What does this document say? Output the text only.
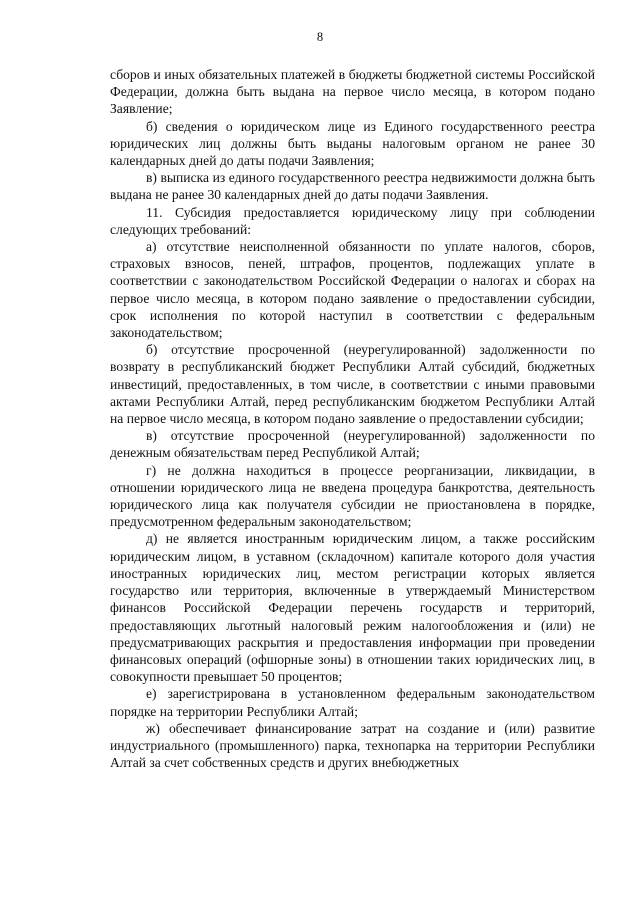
8

сборов и иных обязательных платежей в бюджеты бюджетной системы Российской Федерации, должна быть выдана на первое число месяца, в котором подано Заявление;

б) сведения о юридическом лице из Единого государственного реестра юридических лиц должны быть выданы налоговым органом не ранее 30 календарных дней до даты подачи Заявления;

в) выписка из единого государственного реестра недвижимости должна быть выдана не ранее 30 календарных дней до даты подачи Заявления.

11. Субсидия предоставляется юридическому лицу при соблюдении следующих требований:

а) отсутствие неисполненной обязанности по уплате налогов, сборов, страховых взносов, пеней, штрафов, процентов, подлежащих уплате в соответствии с законодательством Российской Федерации о налогах и сборах на первое число месяца, в котором подано заявление о предоставлении субсидии, срок исполнения по которой наступил в соответствии с федеральным законодательством;

б) отсутствие просроченной (неурегулированной) задолженности по возврату в республиканский бюджет Республики Алтай субсидий, бюджетных инвестиций, предоставленных, в том числе, в соответствии с иными правовыми актами Республики Алтай, перед республиканским бюджетом Республики Алтай на первое число месяца, в котором подано заявление о предоставлении субсидии;

в) отсутствие просроченной (неурегулированной) задолженности по денежным обязательствам перед Республикой Алтай;

г) не должна находиться в процессе реорганизации, ликвидации, в отношении юридического лица не введена процедура банкротства, деятельность юридического лица как получателя субсидии не приостановлена в порядке, предусмотренном федеральным законодательством;

д) не является иностранным юридическим лицом, а также российским юридическим лицом, в уставном (складочном) капитале которого доля участия иностранных юридических лиц, местом регистрации которых является государство или территория, включенные в утверждаемый Министерством финансов Российской Федерации перечень государств и территорий, предоставляющих льготный налоговый режим налогообложения и (или) не предусматривающих раскрытия и предоставления информации при проведении финансовых операций (офшорные зоны) в отношении таких юридических лиц, в совокупности превышает 50 процентов;

е) зарегистрирована в установленном федеральным законодательством порядке на территории Республики Алтай;

ж) обеспечивает финансирование затрат на создание и (или) развитие индустриального (промышленного) парка, технопарка на территории Республики Алтай за счет собственных средств и других внебюджетных
